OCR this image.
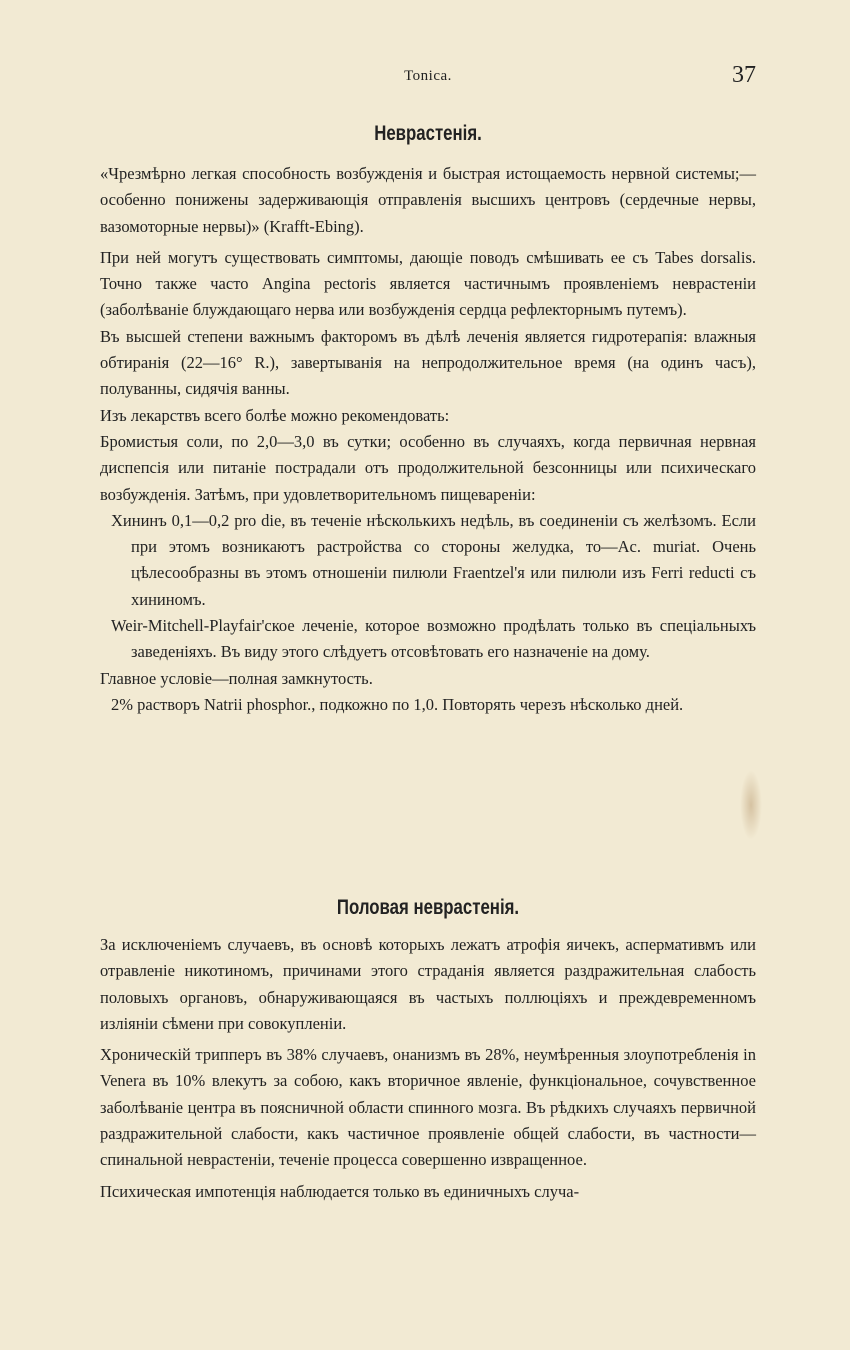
Tonica.	37
Неврастенія.

«Чрезмѣрно легкая способность возбужденія и быстрая истощаемость нервной системы;—особенно понижены задерживающія отправленія высшихъ центровъ (сердечные нервы, вазомоторные нервы)» (Krafft-Ebing).

При ней могутъ существовать симптомы, дающіе поводъ смѣшивать ее съ Tabes dorsalis. Точно также часто Angina pectoris является частичнымъ проявленіемъ неврастеніи (заболѣваніе блуждающаго нерва или возбужденія сердца рефлекторнымъ путемъ).

Въ высшей степени важнымъ факторомъ въ дѣлѣ леченія является гидротерапія: влажныя обтиранія (22—16° R.), завертыванія на непродолжительное время (на одинъ часъ), полуванны, сидячія ванны.

Изъ лекарствъ всего болѣе можно рекомендовать:

Бромистыя соли, по 2,0—3,0 въ сутки; особенно въ случаяхъ, когда первичная нервная диспепсія или питаніе пострадали отъ продолжительной безсонницы или психическаго возбужденія. Затѣмъ, при удовлетворительномъ пищевареніи:

Хининъ 0,1—0,2 pro die, въ теченіе нѣсколькихъ недѣль, въ соединеніи съ желѣзомъ. Если при этомъ возникаютъ растройства со стороны желудка, то—Ac. muriat. Очень цѣлесообразны въ этомъ отношеніи пилюли Fraentzel'я или пилюли изъ Ferri reducti съ хининомъ.

Weir-Mitchell-Playfair'ское леченіе, которое возможно продѣлать только въ спеціальныхъ заведеніяхъ. Въ виду этого слѣдуетъ отсовѣтовать его назначеніе на дому.

Главное условіе—полная замкнутость.

2% растворъ Natrii phosphor., подкожно по 1,0. Повторять черезъ нѣсколько дней.

Половая неврастенія.

За исключеніемъ случаевъ, въ основѣ которыхъ лежатъ атрофія яичекъ, аспермативмъ или отравленіе никотиномъ, причинами этого страданія является раздражительная слабость половыхъ органовъ, обнаруживающаяся въ частыхъ поллюціяхъ и преждевременномъ изліяніи сѣмени при совокупленіи.

Хроническій трипперъ въ 38% случаевъ, онанизмъ въ 28%, неумѣренныя злоупотребленія in Venera въ 10% влекутъ за собою, какъ вторичное явленіе, функціональное, сочувственное заболѣваніе центра въ поясничной области спинного мозга. Въ рѣдкихъ случаяхъ первичной раздражительной слабости, какъ частичное проявленіе общей слабости, въ частности—спинальной неврастеніи, теченіе процесса совершенно извращенное.

Психическая импотенція наблюдается только въ единичныхъ случа-
